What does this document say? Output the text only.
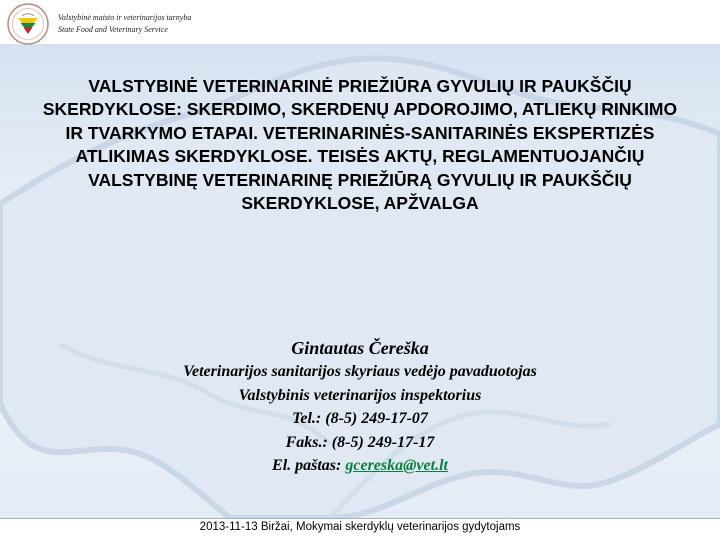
Valstybinė maisto ir veterinarijos tarnyba
State Food and Veterinary Service
VALSTYBINĖ VETERINARINĖ PRIEŽIŪRA GYVULIŲ IR PAUKŠČIŲ SKERDYKLOSE: SKERDIMO, SKERDENŲ APDOROJIMO, ATLIEKŲ RINKIMO IR TVARKYMO ETAPAI. VETERINARINĖS-SANITARINĖS EKSPERTIZĖS ATLIKIMAS SKERDYKLOSE. TEISĖS AKTŲ, REGLAMENTUOJANČIŲ VALSTYBINĘ VETERINARINĘ PRIEŽIŪRĄ GYVULIŲ IR PAUKŠČIŲ SKERDYKLOSE, APŽVALGA
Gintautas Čereška
Veterinarijos sanitarijos skyriaus vedėjo pavaduotojas
Valstybinis veterinarijos inspektorius
Tel.: (8-5) 249-17-07
Faks.: (8-5) 249-17-17
El. paštas: gcereska@vet.lt
2013-11-13 Biržai, Mokymai skerdyklų veterinarijos gydytojams
